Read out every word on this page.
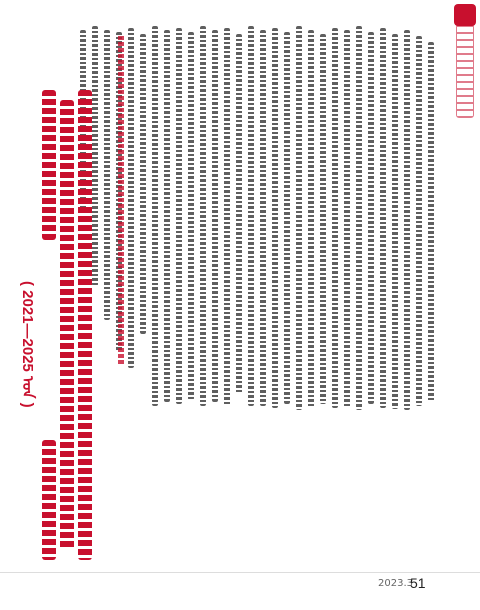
( 2021—2025 ᠣᠨ )
2023.3
51
